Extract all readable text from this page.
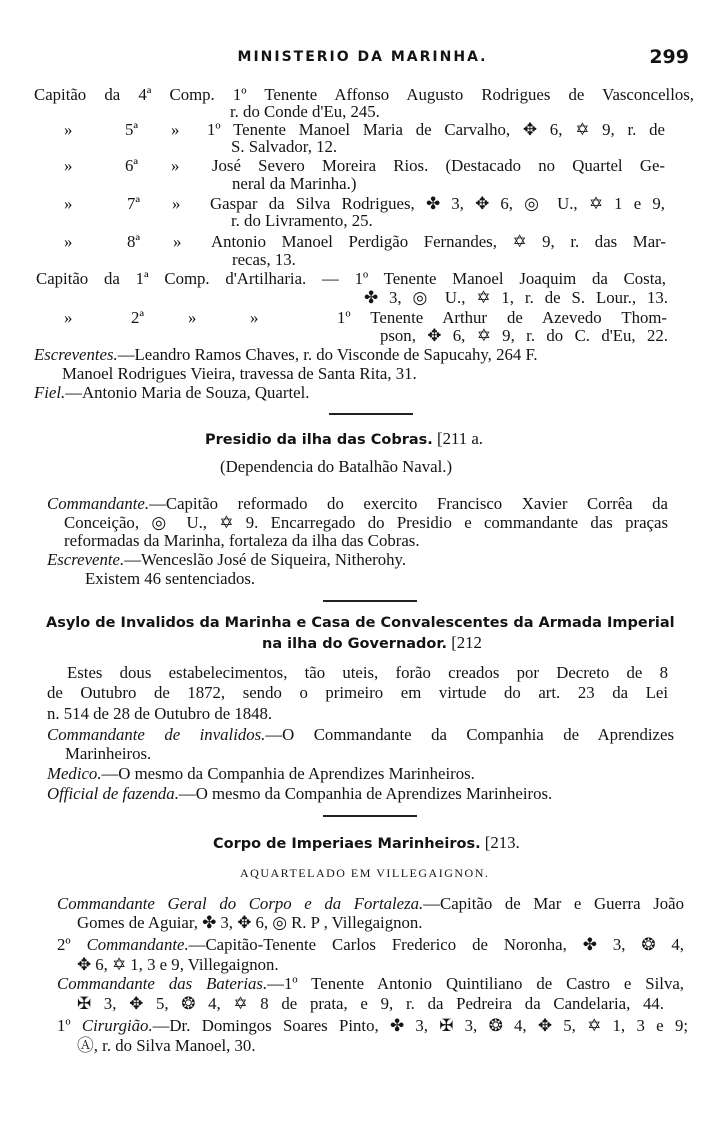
MINISTERIO DA MARINHA.	299
Capitão da 4ª Comp. 1º Tenente Affonso Augusto Rodrigues de Vasconcellos,
r. do Conde d'Eu, 245.
»	5ª » 1º Tenente Manoel Maria de Carvalho, ✥ 6, ✡ 9, r. de
S. Salvador, 12.
»	6ª » José Severo Moreira Rios. (Destacado no Quartel Ge-
neral da Marinha.)
»	7ª » Gaspar da Silva Rodrigues, ✤ 3, ✥ 6, ◎ U., ✡ 1 e 9,
r. do Livramento, 25.
»	8ª » Antonio Manoel Perdigão Fernandes, ✡ 9, r. das Mar-
recas, 13.
Capitão da 1ª Comp. d'Artilharia. — 1º Tenente Manoel Joaquim da Costa,
✤ 3, ◎ U., ✡ 1, r. de S. Lour., 13.
»	2ª	»	»	1º Tenente Arthur de Azevedo Thom-
pson, ✥ 6, ✡ 9, r. do C. d'Eu, 22.
Escreventes.—Leandro Ramos Chaves, r. do Visconde de Sapucahy, 264 F.
Manoel Rodrigues Vieira, travessa de Santa Rita, 31.
Fiel.—Antonio Maria de Souza, Quartel.
Presidio da ilha das Cobras. [211 a.
(Dependencia do Batalhão Naval.)
Commandante.—Capitão reformado do exercito Francisco Xavier Corrêa da
Conceição, ◎ U., ✡ 9. Encarregado do Presidio e commandante das praças
reformadas da Marinha, fortaleza da ilha das Cobras.
Escrevente.—Wenceslão José de Siqueira, Nitherohy.
Existem 46 sentenciados.
Asylo de Invalidos da Marinha e Casa de Convalescentes da Armada Imperial
na ilha do Governador. [212
Estes dous estabelecimentos, tão uteis, forão creados por Decreto de 8
de Outubro de 1872, sendo o primeiro em virtude do art. 23 da Lei
n. 514 de 28 de Outubro de 1848.
Commandante de invalidos.—O Commandante da Companhia de Aprendizes
Marinheiros.
Medico.—O mesmo da Companhia de Aprendizes Marinheiros.
Official de fazenda.—O mesmo da Companhia de Aprendizes Marinheiros.
Corpo de Imperiaes Marinheiros. [213.
AQUARTELADO EM VILLEGAIGNON.
Commandante Geral do Corpo e da Fortaleza.—Capitão de Mar e Guerra João
Gomes de Aguiar, ✤ 3, ✥ 6, ◎ R. P , Villegaignon.
2º Commandante.—Capitão-Tenente Carlos Frederico de Noronha, ✤ 3, ❂ 4,
✥ 6, ✡ 1, 3 e 9, Villegaignon.
Commandante das Baterias.—1º Tenente Antonio Quintiliano de Castro e Silva,
✠ 3, ✥ 5, ❂ 4, ✡ 8 de prata, e 9, r. da Pedreira da Candelaria, 44.
1º Cirurgião.—Dr. Domingos Soares Pinto, ✤ 3, ✠ 3, ❂ 4, ✥ 5, ✡ 1, 3 e 9;
Ⓐ, r. do Silva Manoel, 30.
